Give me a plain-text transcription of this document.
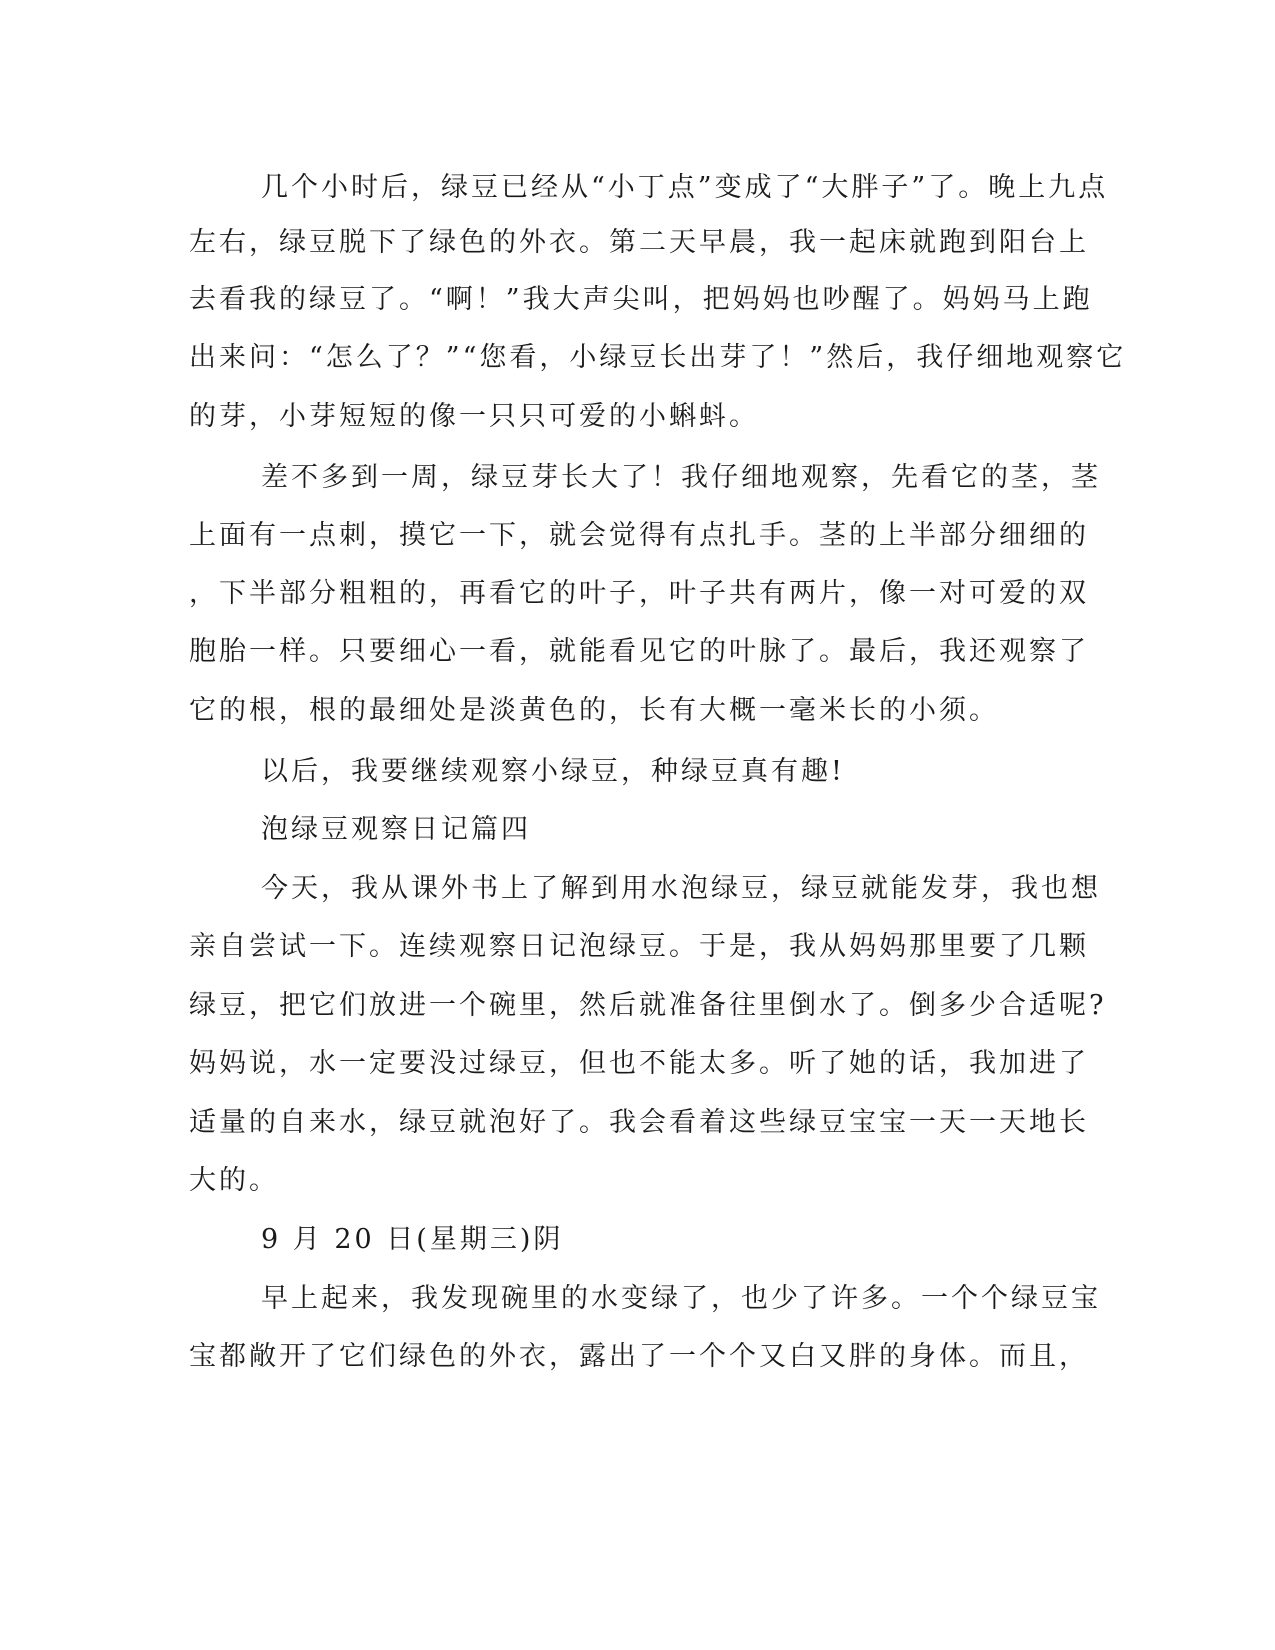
几个小时后，绿豆已经从“小丁点”变成了“大胖子”了。晚上九点
左右，绿豆脱下了绿色的外衣。第二天早晨，我一起床就跑到阳台上
去看我的绿豆了。“啊！”我大声尖叫，把妈妈也吵醒了。妈妈马上跑
出来问：“怎么了？”“您看，小绿豆长出芽了！”然后，我仔细地观察它
的芽，小芽短短的像一只只可爱的小蝌蚪。
差不多到一周，绿豆芽长大了！我仔细地观察，先看它的茎，茎
上面有一点刺，摸它一下，就会觉得有点扎手。茎的上半部分细细的
，下半部分粗粗的，再看它的叶子，叶子共有两片，像一对可爱的双
胞胎一样。只要细心一看，就能看见它的叶脉了。最后，我还观察了
它的根，根的最细处是淡黄色的，长有大概一毫米长的小须。
以后，我要继续观察小绿豆，种绿豆真有趣!
泡绿豆观察日记篇四
今天，我从课外书上了解到用水泡绿豆，绿豆就能发芽，我也想
亲自尝试一下。连续观察日记泡绿豆。于是，我从妈妈那里要了几颗
绿豆，把它们放进一个碗里，然后就准备往里倒水了。倒多少合适呢?
妈妈说，水一定要没过绿豆，但也不能太多。听了她的话，我加进了
适量的自来水，绿豆就泡好了。我会看着这些绿豆宝宝一天一天地长
大的。
9 月 20 日(星期三)阴
早上起来，我发现碗里的水变绿了，也少了许多。一个个绿豆宝
宝都敞开了它们绿色的外衣，露出了一个个又白又胖的身体。而且，
